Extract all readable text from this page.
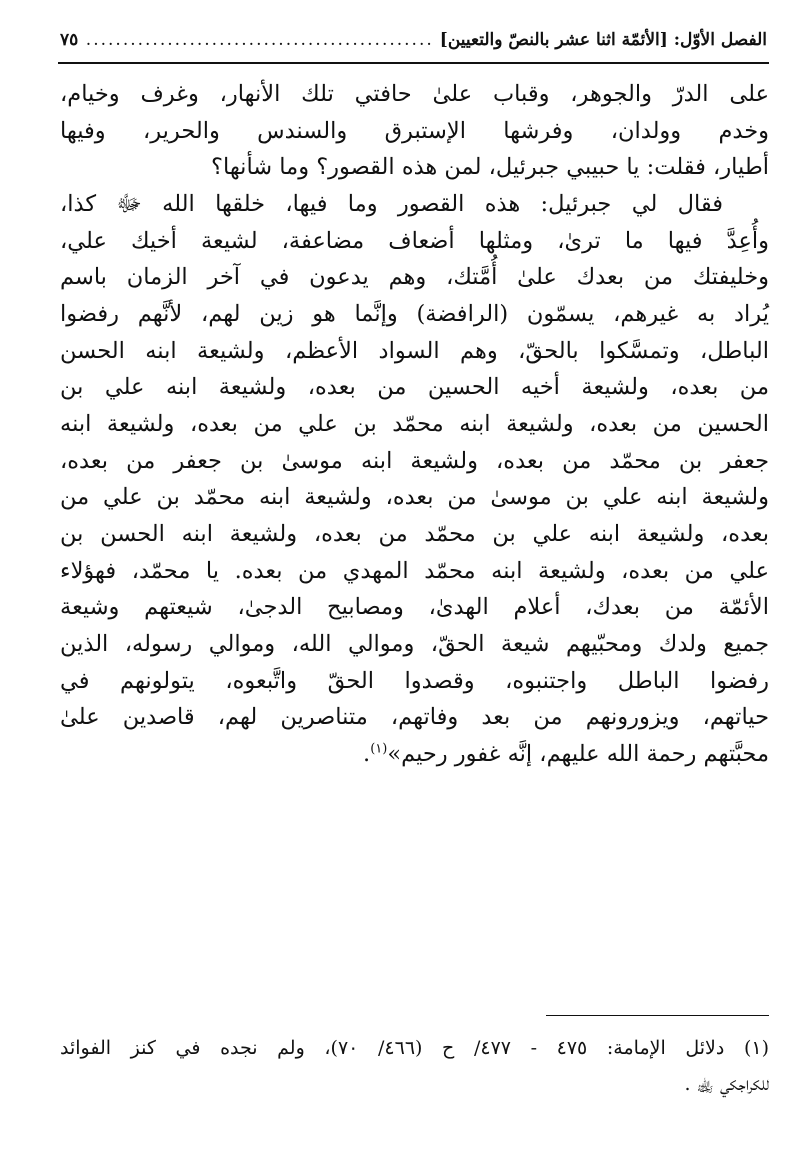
الفصل الأوّل: [الأئمّة اثنا عشر بالنصّ والتعيين]
.....
٧٥
على الدرّ والجوهر، وقباب علىٰ حافتي تلك الأنهار، وغرف وخيام،
وخدم وولدان، وفرشها الإستبرق والسندس والحرير، وفيها
أطيار، فقلت: يا حبيبي جبرئيل، لمن هذه القصور؟ وما شأنها؟
فقال لي جبرئيل: هذه القصور وما فيها، خلقها الله ﷻ كذا،
وأُعِدَّ فيها ما ترىٰ، ومثلها أضعاف مضاعفة، لشيعة أخيك علي،
وخليفتك من بعدك علىٰ أُمَّتك، وهم يدعون في آخر الزمان باسم
يُراد به غيرهم، يسمّون (الرافضة) وإنَّما هو زين لهم، لأنَّهم رفضوا
الباطل، وتمسَّكوا بالحقّ، وهم السواد الأعظم، ولشيعة ابنه الحسن
من بعده، ولشيعة أخيه الحسين من بعده، ولشيعة ابنه علي بن
الحسين من بعده، ولشيعة ابنه محمّد بن علي من بعده، ولشيعة ابنه
جعفر بن محمّد من بعده، ولشيعة ابنه موسىٰ بن جعفر من بعده،
ولشيعة ابنه علي بن موسىٰ من بعده، ولشيعة ابنه محمّد بن علي من
بعده، ولشيعة ابنه علي بن محمّد من بعده، ولشيعة ابنه الحسن بن
علي من بعده، ولشيعة ابنه محمّد المهدي من بعده. يا محمّد، فهؤلاء
الأئمّة من بعدك، أعلام الهدىٰ، ومصابيح الدجىٰ، شيعتهم وشيعة
جميع ولدك ومحبّيهم شيعة الحقّ، وموالي الله، وموالي رسوله، الذين
رفضوا الباطل واجتنبوه، وقصدوا الحقّ واتَّبعوه، يتولونهم في
حياتهم، ويزورونهم من بعد وفاتهم، متناصرين لهم، قاصدين علىٰ
محبَّتهم رحمة الله عليهم، إنَّه غفور رحيم»$^{(١)}$.
(١) دلائل الإمامة: ٤٧٥ - ٤٧٧/ ح (٤٦٦/ ٧٠)، ولم نجده في كنز الفوائد
للكراجكي ﵀ .
